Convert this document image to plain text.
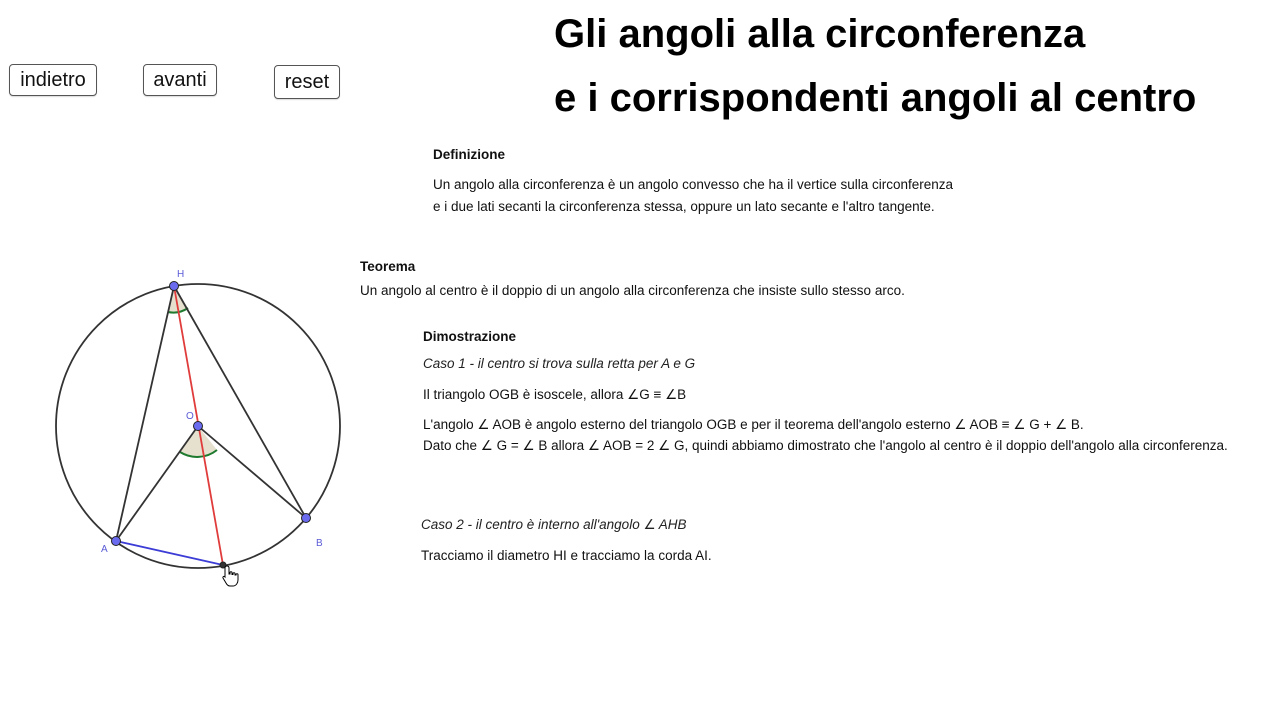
indietro	avanti	reset
Gli angoli alla circonferenza
e i corrispondenti angoli al centro
Definizione
Un angolo alla circonferenza è un angolo convesso che ha il vertice sulla circonferenza
e i due lati secanti la circonferenza stessa, oppure un lato secante e l'altro tangente.
Teorema
Un angolo al centro è il doppio di un angolo alla circonferenza che insiste sullo stesso arco.
Dimostrazione
Caso 1 - il centro si trova sulla retta per A e G
Il triangolo OGB è isoscele, allora ∠G ≡ ∠B
L'angolo ∠ AOB è angolo esterno del triangolo OGB e per il teorema dell'angolo esterno ∠ AOB ≡ ∠ G + ∠ B.
Dato che ∠ G = ∠ B allora ∠ AOB = 2 ∠ G, quindi abbiamo dimostrato che l'angolo al centro è il doppio dell'angolo alla circonferenza.
Caso 2 - il centro è interno all'angolo ∠ AHB
Tracciamo il diametro HI e tracciamo la corda AI.
H
O
A
B
